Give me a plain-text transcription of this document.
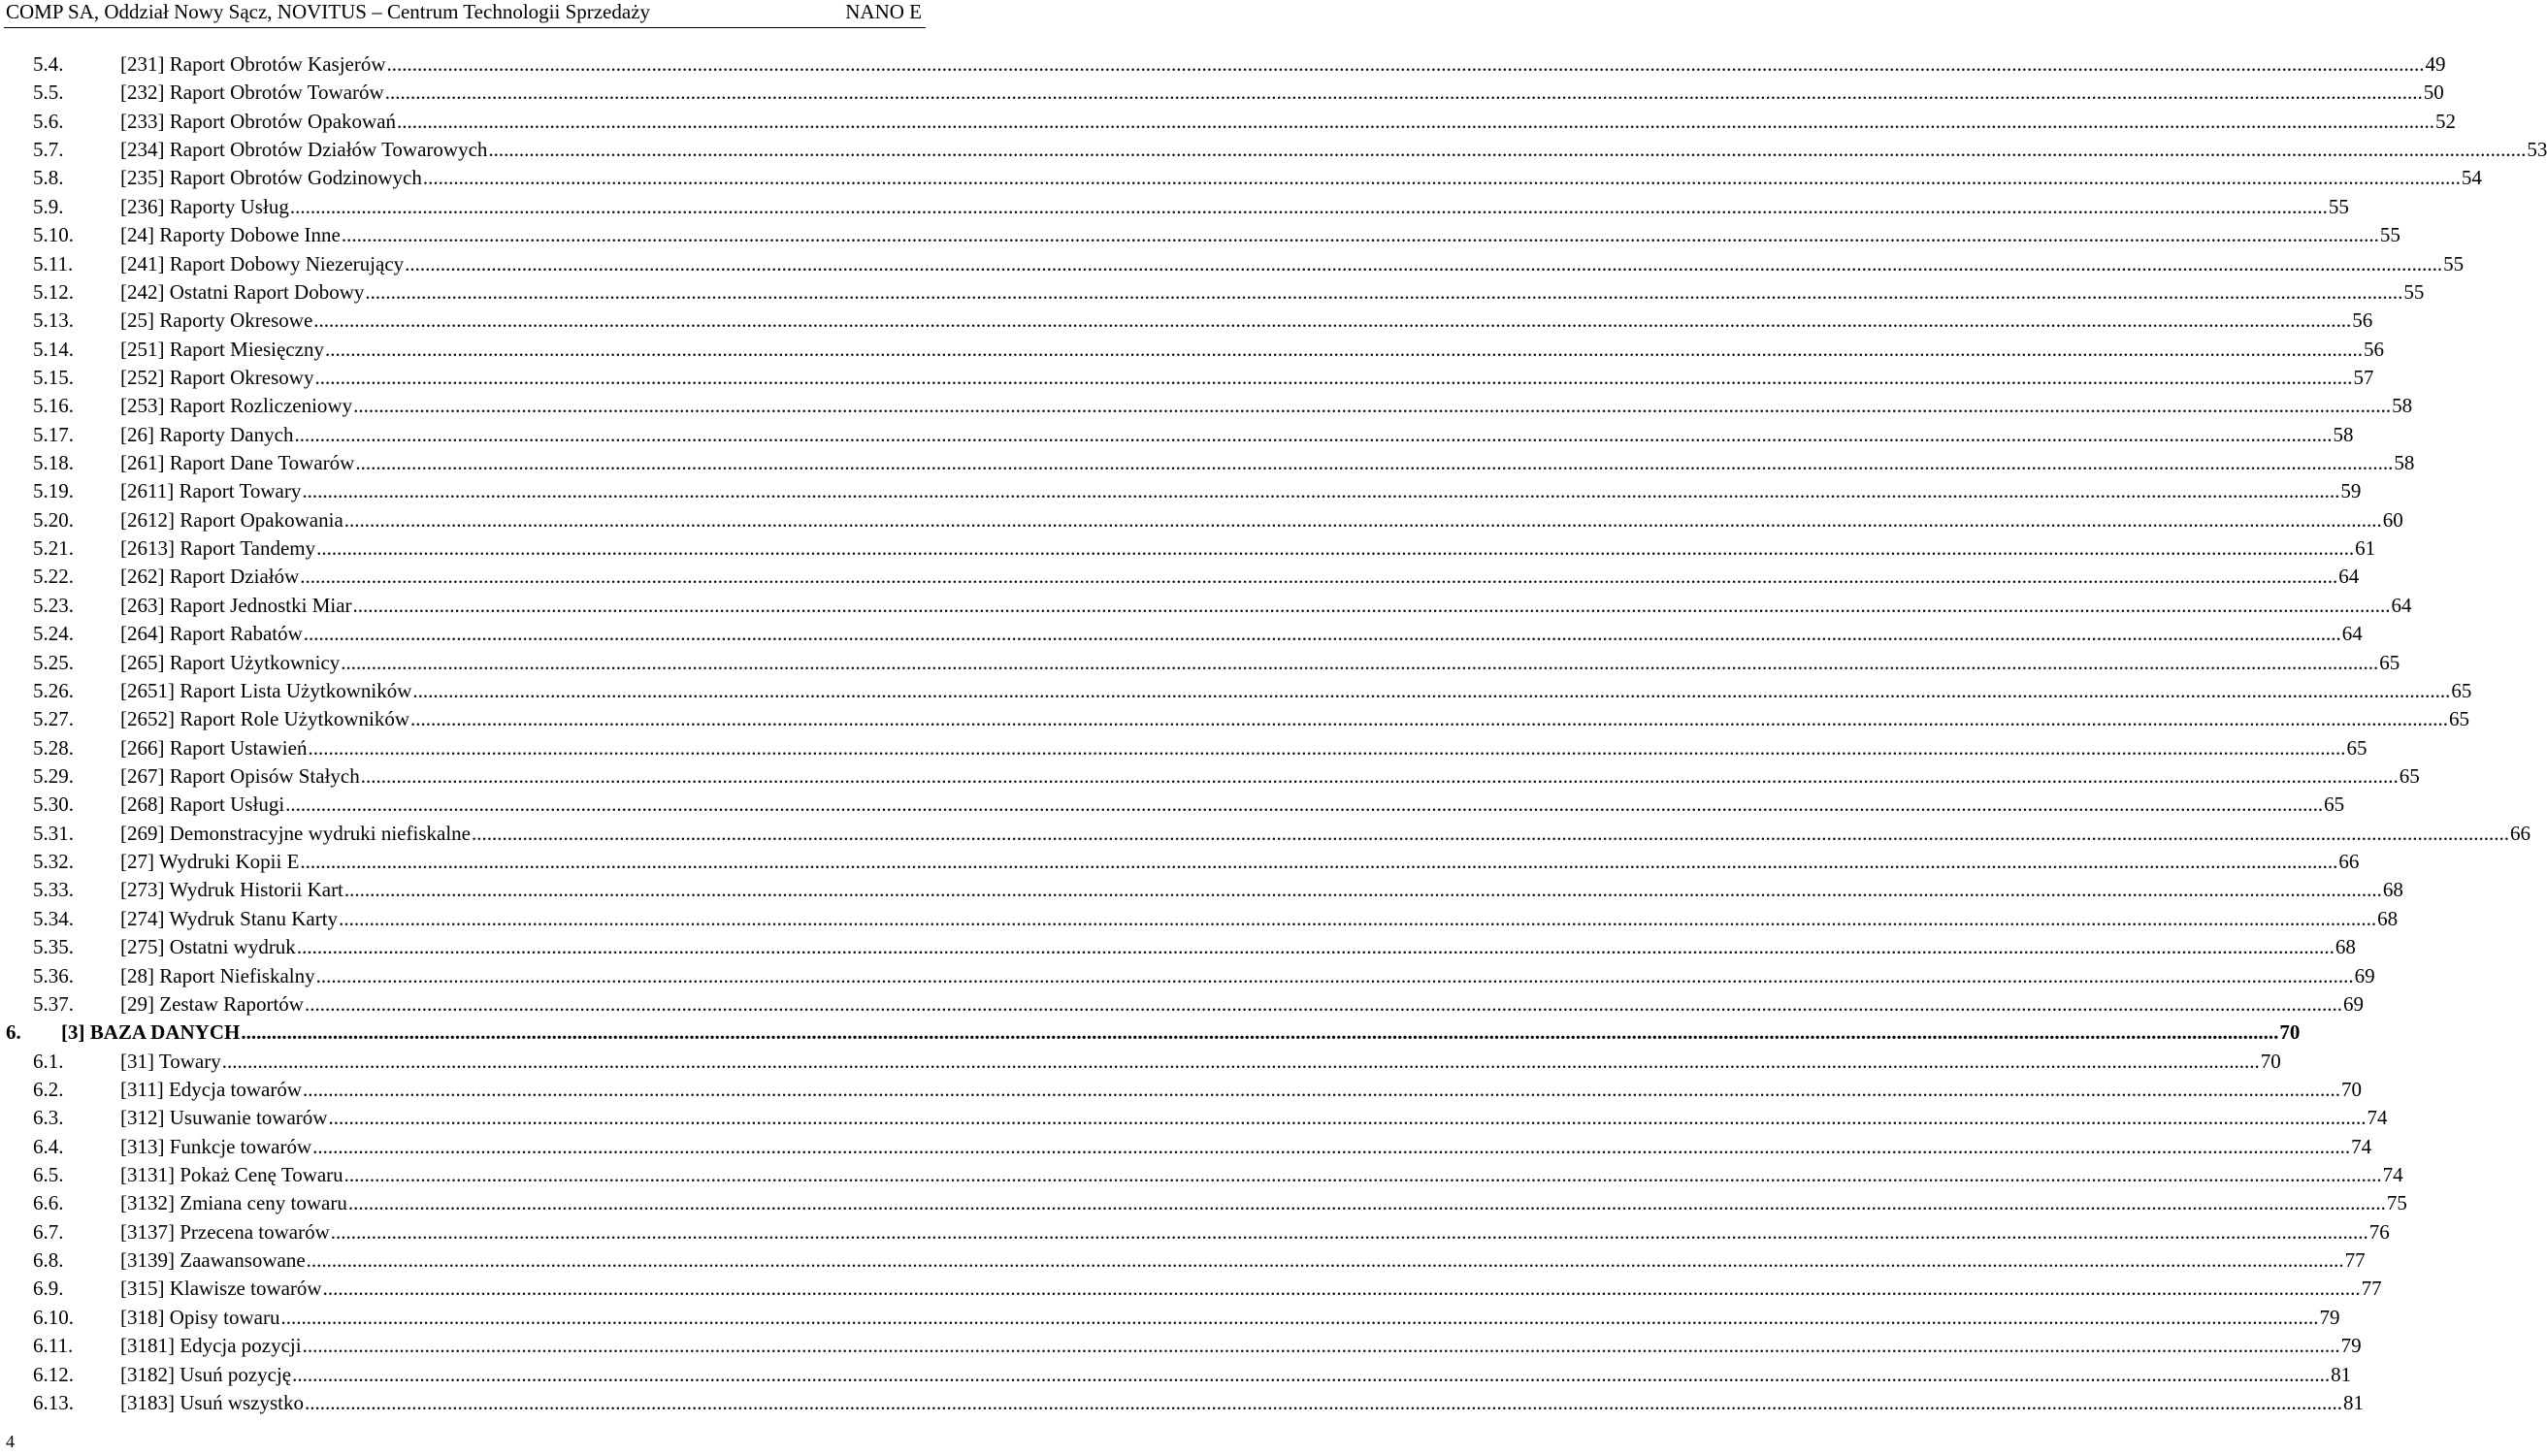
COMP SA, Oddział Nowy Sącz, NOVITUS – Centrum Technologii Sprzedaży	NANO E
5.4.	[231] Raport Obrotów Kasjerów ................................................................................................................................................................................................................................................................................................................................................................................................................ 49
5.5.	[232] Raport Obrotów Towarów ................................................................................................................................................................................................................................................................................................................................................................................................................ 50
5.6.	[233] Raport Obrotów Opakowań ................................................................................................................................................................................................................................................................................................................................................................................................................ 52
5.7.	[234] Raport Obrotów Działów Towarowych ................................................................................................................................................................................................................................................................................................................................................................................................................ 53
5.8.	[235] Raport Obrotów Godzinowych ................................................................................................................................................................................................................................................................................................................................................................................................................ 54
5.9.	[236] Raporty Usług ................................................................................................................................................................................................................................................................................................................................................................................................................ 55
5.10. [24] Raporty Dobowe Inne ................................................................................................................................................................................................................................................................................................................................................................................................................ 55
5.11. [241] Raport Dobowy Niezerujący ................................................................................................................................................................................................................................................................................................................................................................................................................ 55
5.12. [242] Ostatni Raport Dobowy ................................................................................................................................................................................................................................................................................................................................................................................................................ 55
5.13. [25] Raporty Okresowe ................................................................................................................................................................................................................................................................................................................................................................................................................ 56
5.14. [251] Raport Miesięczny ................................................................................................................................................................................................................................................................................................................................................................................................................ 56
5.15. [252] Raport Okresowy ................................................................................................................................................................................................................................................................................................................................................................................................................ 57
5.16. [253] Raport Rozliczeniowy ................................................................................................................................................................................................................................................................................................................................................................................................................ 58
5.17. [26] Raporty Danych ................................................................................................................................................................................................................................................................................................................................................................................................................ 58
5.18. [261] Raport Dane Towarów ................................................................................................................................................................................................................................................................................................................................................................................................................ 58
5.19. [2611] Raport Towary ................................................................................................................................................................................................................................................................................................................................................................................................................ 59
5.20. [2612] Raport Opakowania ................................................................................................................................................................................................................................................................................................................................................................................................................ 60
5.21. [2613] Raport Tandemy ................................................................................................................................................................................................................................................................................................................................................................................................................ 61
5.22. [262] Raport Działów ................................................................................................................................................................................................................................................................................................................................................................................................................ 64
5.23. [263] Raport Jednostki Miar ................................................................................................................................................................................................................................................................................................................................................................................................................ 64
5.24. [264] Raport Rabatów ................................................................................................................................................................................................................................................................................................................................................................................................................ 64
5.25. [265] Raport Użytkownicy ................................................................................................................................................................................................................................................................................................................................................................................................................ 65
5.26. [2651] Raport Lista Użytkowników ................................................................................................................................................................................................................................................................................................................................................................................................................ 65
5.27. [2652] Raport Role Użytkowników ................................................................................................................................................................................................................................................................................................................................................................................................................ 65
5.28. [266] Raport Ustawień ................................................................................................................................................................................................................................................................................................................................................................................................................ 65
5.29. [267] Raport Opisów Stałych ................................................................................................................................................................................................................................................................................................................................................................................................................ 65
5.30. [268] Raport Usługi ................................................................................................................................................................................................................................................................................................................................................................................................................ 65
5.31. [269] Demonstracyjne wydruki niefiskalne ................................................................................................................................................................................................................................................................................................................................................................................................................ 66
5.32. [27] Wydruki Kopii E ................................................................................................................................................................................................................................................................................................................................................................................................................ 66
5.33. [273] Wydruk Historii Kart ................................................................................................................................................................................................................................................................................................................................................................................................................ 68
5.34. [274] Wydruk Stanu Karty ................................................................................................................................................................................................................................................................................................................................................................................................................ 68
5.35. [275] Ostatni wydruk ................................................................................................................................................................................................................................................................................................................................................................................................................ 68
5.36. [28] Raport Niefiskalny ................................................................................................................................................................................................................................................................................................................................................................................................................ 69
5.37. [29] Zestaw Raportów ................................................................................................................................................................................................................................................................................................................................................................................................................ 69
6. [3] BAZA DANYCH ................................................................................................................................................................................................................................................................................................................................................................................................................ 70
6.1.	[31] Towary ................................................................................................................................................................................................................................................................................................................................................................................................................ 70
6.2.	[311] Edycja towarów ................................................................................................................................................................................................................................................................................................................................................................................................................ 70
6.3.	[312] Usuwanie towarów ................................................................................................................................................................................................................................................................................................................................................................................................................ 74
6.4.	[313] Funkcje towarów ................................................................................................................................................................................................................................................................................................................................................................................................................ 74
6.5.	[3131] Pokaż Cenę Towaru ................................................................................................................................................................................................................................................................................................................................................................................................................ 74
6.6.	[3132] Zmiana ceny towaru ................................................................................................................................................................................................................................................................................................................................................................................................................ 75
6.7.	[3137] Przecena towarów ................................................................................................................................................................................................................................................................................................................................................................................................................ 76
6.8.	[3139] Zaawansowane ................................................................................................................................................................................................................................................................................................................................................................................................................ 77
6.9.	[315] Klawisze towarów ................................................................................................................................................................................................................................................................................................................................................................................................................ 77
6.10. [318] Opisy towaru ................................................................................................................................................................................................................................................................................................................................................................................................................ 79
6.11. [3181] Edycja pozycji ................................................................................................................................................................................................................................................................................................................................................................................................................ 79
6.12. [3182] Usuń pozycję ................................................................................................................................................................................................................................................................................................................................................................................................................ 81
6.13. [3183] Usuń wszystko ................................................................................................................................................................................................................................................................................................................................................................................................................ 81
4
